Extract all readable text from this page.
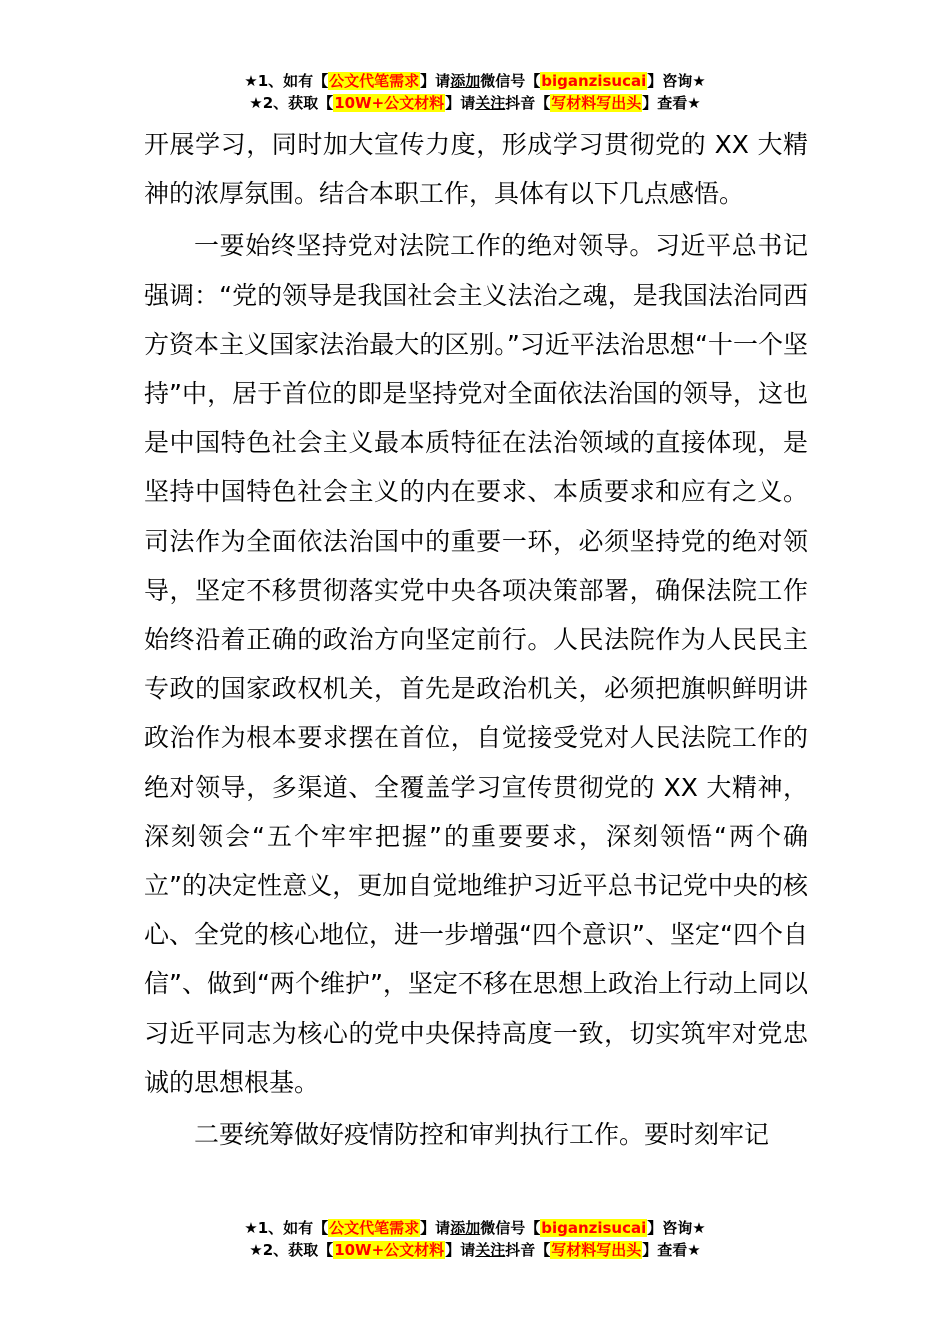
★1、如有【公文代笔需求】请添加微信号【biganzisucai】咨询★
★2、获取【10W+公文材料】请关注抖音【写材料写出头】查看★

开展学习，同时加大宣传力度，形成学习贯彻党的 XX 大精神的浓厚氛围。结合本职工作，具体有以下几点感悟。

一要始终坚持党对法院工作的绝对领导。习近平总书记强调：“党的领导是我国社会主义法治之魂，是我国法治同西方资本主义国家法治最大的区别。”习近平法治思想“十一个坚持”中，居于首位的即是坚持党对全面依法治国的领导，这也是中国特色社会主义最本质特征在法治领域的直接体现，是坚持中国特色社会主义的内在要求、本质要求和应有之义。司法作为全面依法治国中的重要一环，必须坚持党的绝对领导，坚定不移贯彻落实党中央各项决策部署，确保法院工作始终沿着正确的政治方向坚定前行。人民法院作为人民民主专政的国家政权机关，首先是政治机关，必须把旗帜鲜明讲政治作为根本要求摆在首位，自觉接受党对人民法院工作的绝对领导，多渠道、全覆盖学习宣传贯彻党的 XX 大精神，深刻领会“五个牢牢把握”的重要要求，深刻领悟“两个确立”的决定性意义，更加自觉地维护习近平总书记党中央的核心、全党的核心地位，进一步增强“四个意识”、坚定“四个自信”、做到“两个维护”，坚定不移在思想上政治上行动上同以习近平同志为核心的党中央保持高度一致，切实筑牢对党忠诚的思想根基。

二要统筹做好疫情防控和审判执行工作。要时刻牢记

★1、如有【公文代笔需求】请添加微信号【biganzisucai】咨询★
★2、获取【10W+公文材料】请关注抖音【写材料写出头】查看★
